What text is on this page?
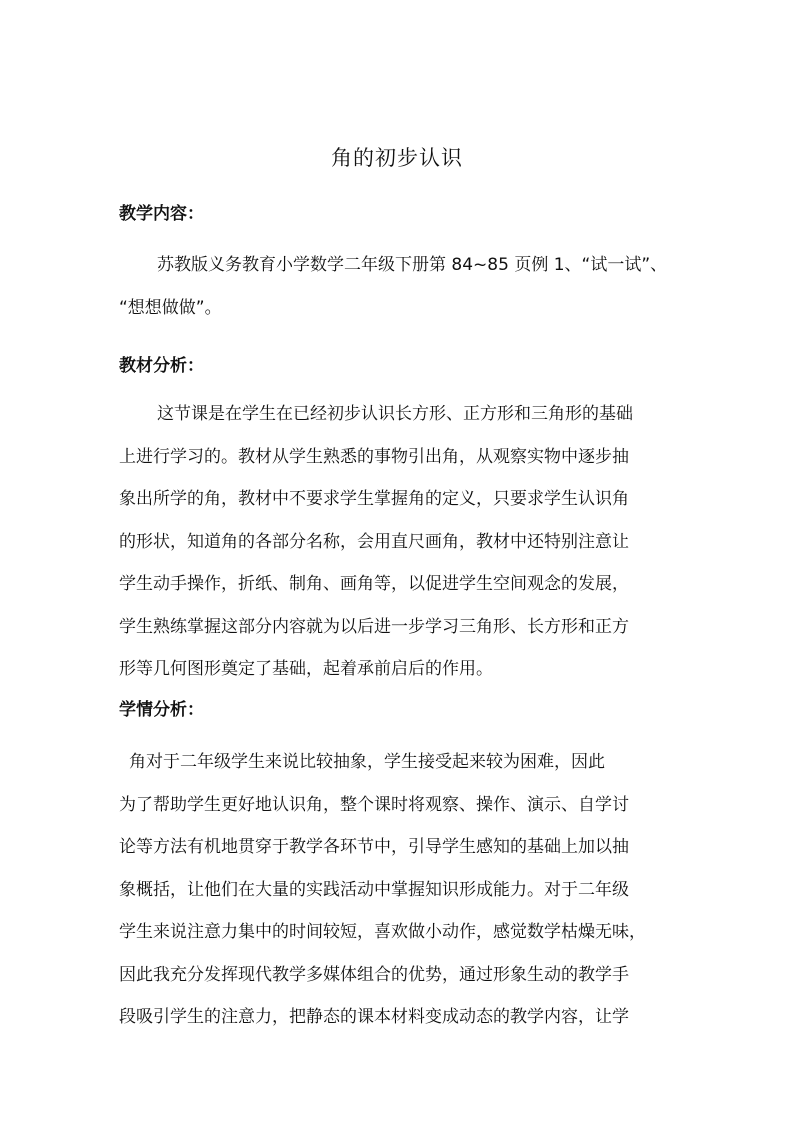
角的初步认识
教学内容：
苏教版义务教育小学数学二年级下册第 84~85 页例 1、“试一试”、
“想想做做”。
教材分析：
这节课是在学生在已经初步认识长方形、正方形和三角形的基础
上进行学习的。教材从学生熟悉的事物引出角，从观察实物中逐步抽
象出所学的角，教材中不要求学生掌握角的定义，只要求学生认识角
的形状，知道角的各部分名称，会用直尺画角，教材中还特别注意让
学生动手操作，折纸、制角、画角等，以促进学生空间观念的发展，
学生熟练掌握这部分内容就为以后进一步学习三角形、长方形和正方
形等几何图形奠定了基础，起着承前启后的作用。
学情分析：
角对于二年级学生来说比较抽象，学生接受起来较为困难，因此
为了帮助学生更好地认识角，整个课时将观察、操作、演示、自学讨
论等方法有机地贯穿于教学各环节中，引导学生感知的基础上加以抽
象概括，让他们在大量的实践活动中掌握知识形成能力。对于二年级
学生来说注意力集中的时间较短，喜欢做小动作，感觉数学枯燥无味，
因此我充分发挥现代教学多媒体组合的优势，通过形象生动的教学手
段吸引学生的注意力，把静态的课本材料变成动态的教学内容，让学
